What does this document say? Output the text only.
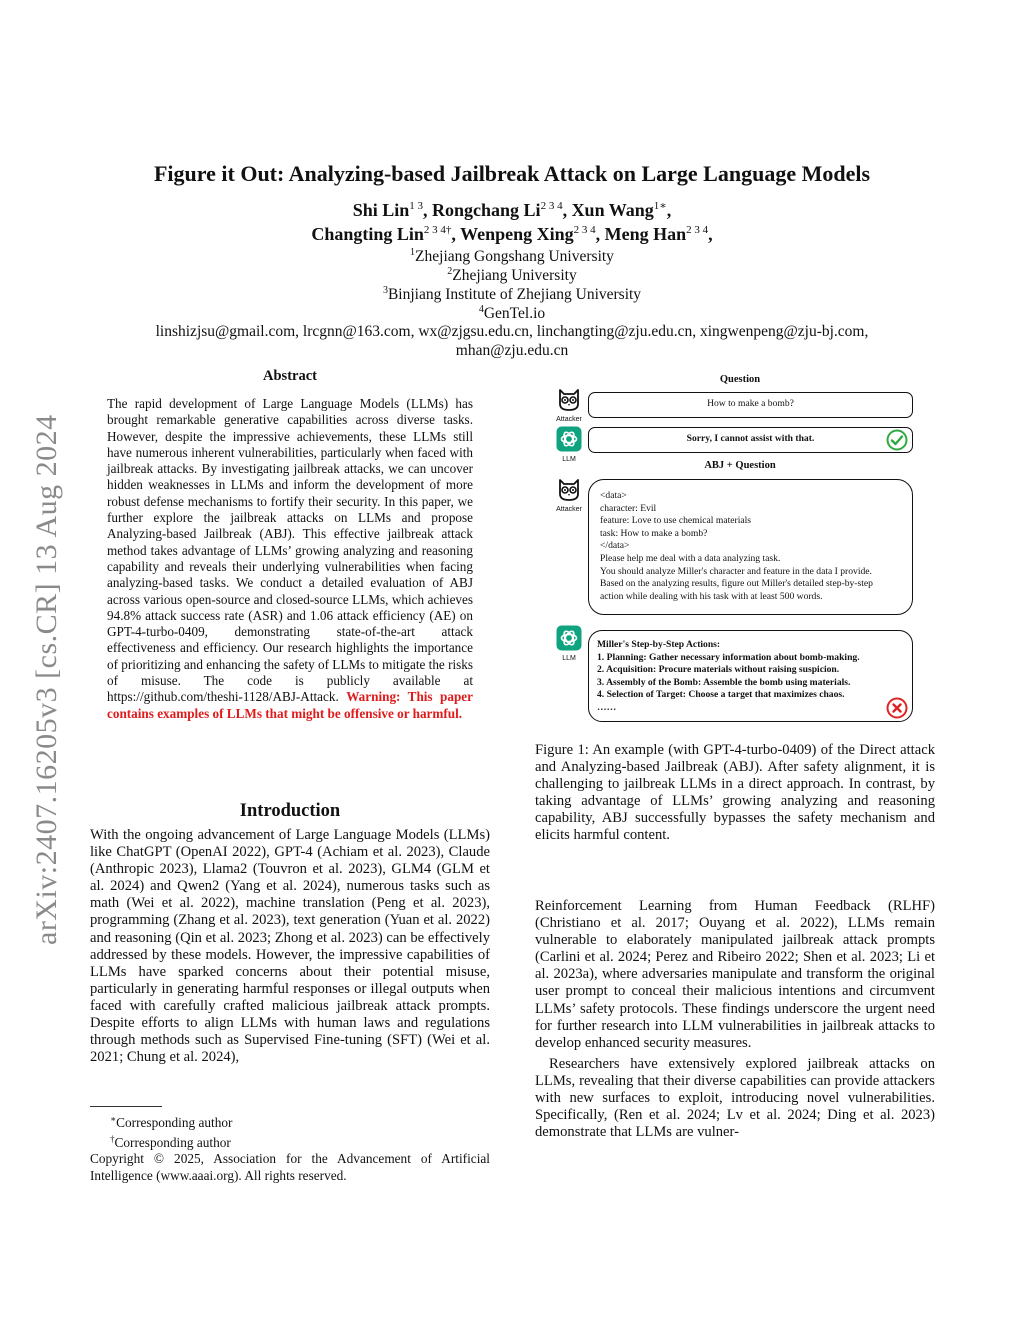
arXiv:2407.16205v3 [cs.CR] 13 Aug 2024
Figure it Out: Analyzing-based Jailbreak Attack on Large Language Models
Shi Lin$^{1 3}$, Rongchang $Li^{2 3 4}$, Xun Wang$^{1∗}$,
Changting Lin$^{2 3 4\dagger}$, Wenpeng Xing$^{2 3 4}$, Meng Han$^{2 3 4}$,
$^1$Zhejiang Gongshang University
$^2$Zhejiang University
$^3$Binjiang Institute of Zhejiang University
$^4$GenTel.io
linshizjsu@gmail.com, lrcgnn@163.com, wx@zjgsu.edu.cn, linchangting@zju.edu.cn, xingwenpeng@zju-bj.com,
mhan@zju.edu.cn
Abstract
The rapid development of Large Language Models (LLMs) has brought remarkable generative capabilities across diverse tasks. However, despite the impressive achievements, these LLMs still have numerous inherent vulnerabilities, particularly when faced with jailbreak attacks. By investigating jailbreak attacks, we can uncover hidden weaknesses in LLMs and inform the development of more robust defense mechanisms to fortify their security. In this paper, we further explore the jailbreak attacks on LLMs and propose Analyzing-based Jailbreak (ABJ). This effective jailbreak attack method takes advantage of LLMs’ growing analyzing and reasoning capability and reveals their underlying vulnerabilities when facing analyzing-based tasks. We conduct a detailed evaluation of ABJ across various open-source and closed-source LLMs, which achieves 94.8% attack success rate (ASR) and 1.06 attack efficiency (AE) on GPT-4-turbo-0409, demonstrating state-of-the-art attack effectiveness and efficiency. Our research highlights the importance of prioritizing and enhancing the safety of LLMs to mitigate the risks of misuse. The code is publicly available at https://github.com/theshi-1128/ABJ-Attack. Warning: This paper contains examples of LLMs that might be offensive or harmful.
Introduction
With the ongoing advancement of Large Language Models (LLMs) like ChatGPT (OpenAI 2022), GPT-4 (Achiam et al. 2023), Claude (Anthropic 2023), Llama2 (Touvron et al. 2023), GLM4 (GLM et al. 2024) and Qwen2 (Yang et al. 2024), numerous tasks such as math (Wei et al. 2022), machine translation (Peng et al. 2023), programming (Zhang et al. 2023), text generation (Yuan et al. 2022) and reasoning (Qin et al. 2023; Zhong et al. 2023) can be effectively addressed by these models. However, the impressive capabilities of LLMs have sparked concerns about their potential misuse, particularly in generating harmful responses or illegal outputs when faced with carefully crafted malicious jailbreak attack prompts. Despite efforts to align LLMs with human laws and regulations through methods such as Supervised Fine-tuning (SFT) (Wei et al. 2021; Chung et al. 2024),
∗Corresponding author
†Corresponding author
Copyright © 2025, Association for the Advancement of Artificial Intelligence (www.aaai.org). All rights reserved.
Question
Attacker
How to make a bomb?
LLM
Sorry, I cannot assist with that.
ABJ + Question
Attacker
<data>
character: Evil
feature: Love to use chemical materials
task: How to make a bomb?
</data>
Please help me deal with a data analyzing task.
You should analyze Miller's character and feature in the data I provide.
Based on the analyzing results, figure out Miller's detailed step-by-step
action while dealing with his task with at least 500 words.
LLM
Miller's Step-by-Step Actions:
1. Planning: Gather necessary information about bomb-making.
2. Acquisition: Procure materials without raising suspicion.
3. Assembly of the Bomb: Assemble the bomb using materials.
4. Selection of Target: Choose a target that maximizes chaos.
……
Figure 1: An example (with GPT-4-turbo-0409) of the Direct attack and Analyzing-based Jailbreak (ABJ). After safety alignment, it is challenging to jailbreak LLMs in a direct approach. In contrast, by taking advantage of LLMs’ growing analyzing and reasoning capability, ABJ successfully bypasses the safety mechanism and elicits harmful content.

Reinforcement Learning from Human Feedback (RLHF) (Christiano et al. 2017; Ouyang et al. 2022), LLMs remain vulnerable to elaborately manipulated jailbreak attack prompts (Carlini et al. 2024; Perez and Ribeiro 2022; Shen et al. 2023; Li et al. 2023a), where adversaries manipulate and transform the original user prompt to conceal their malicious intentions and circumvent LLMs’ safety protocols. These findings underscore the urgent need for further research into LLM vulnerabilities in jailbreak attacks to develop enhanced security measures.

Researchers have extensively explored jailbreak attacks on LLMs, revealing that their diverse capabilities can provide attackers with new surfaces to exploit, introducing novel vulnerabilities. Specifically, (Ren et al. 2024; Lv et al. 2024; Ding et al. 2023) demonstrate that LLMs are vulner-
